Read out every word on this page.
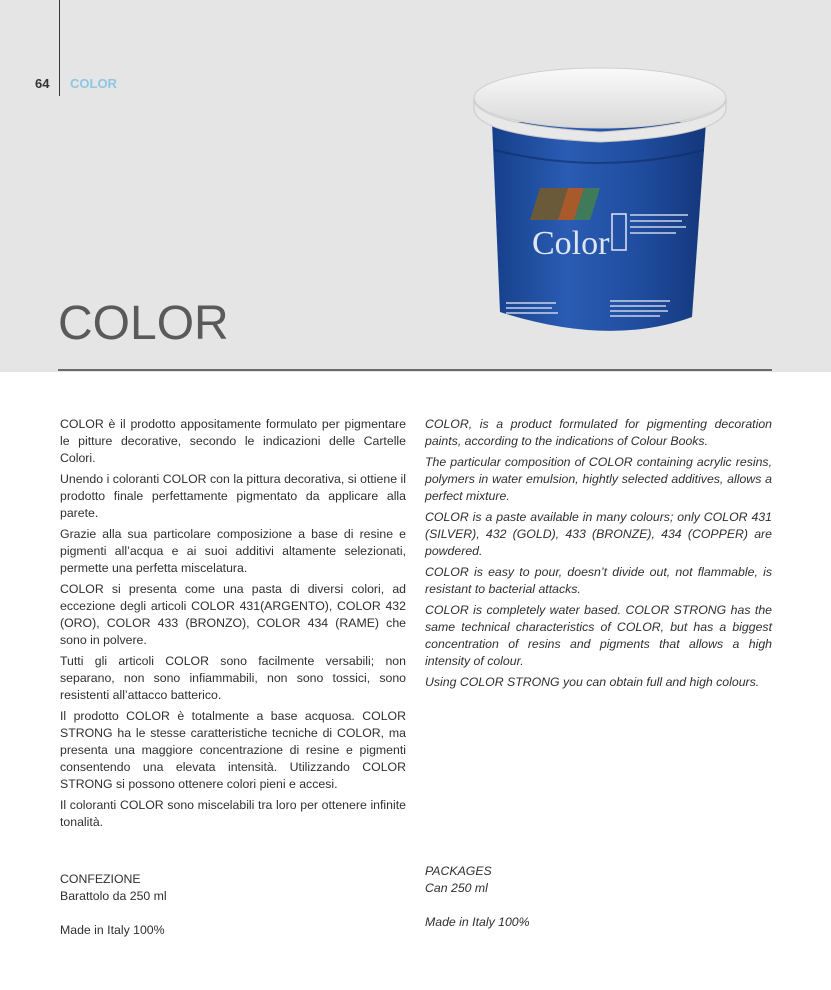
64 COLOR
Color
COLOR

COLOR è il prodotto appositamente formulato per pigmentare le pitture decorative, secondo le indicazioni delle Cartelle Colori.

Unendo i coloranti COLOR con la pittura decorativa, si ottiene il prodotto finale perfettamente pigmentato da applicare alla parete.

Grazie alla sua particolare composizione a base di resine e pigmenti all’acqua e ai suoi additivi altamente selezionati, permette una perfetta miscelatura.

COLOR si presenta come una pasta di diversi colori, ad eccezione degli articoli COLOR 431(ARGENTO), COLOR 432 (ORO), COLOR 433 (BRONZO), COLOR 434 (RAME) che sono in polvere.

Tutti gli articoli COLOR sono facilmente versabili; non separano, non sono infiammabili, non sono tossici, sono resistenti all’attacco batterico.

Il prodotto COLOR è totalmente a base acquosa. COLOR STRONG ha le stesse caratteristiche tecniche di COLOR, ma presenta una maggiore concentrazione di resine e pigmenti consentendo una elevata intensità. Utilizzando COLOR STRONG si possono ottenere colori pieni e accesi.

Il coloranti COLOR sono miscelabili tra loro per ottenere infinite tonalità.

COLOR, is a product formulated for pigmenting decoration paints, according to the indications of Colour Books.

The particular composition of COLOR containing acrylic resins, polymers in water emulsion, hightly selected additives, allows a perfect mixture.

COLOR is a paste available in many colours; only COLOR 431 (SILVER), 432 (GOLD), 433 (BRONZE), 434 (COPPER) are powdered.

COLOR is easy to pour, doesn’t divide out, not flammable, is resistant to bacterial attacks.

COLOR is completely water based. COLOR STRONG has the same technical characteristics of COLOR, but has a biggest concentration of resins and pigments that allows a high intensity of colour.

Using COLOR STRONG you can obtain full and high colours.

CONFEZIONE
Barattolo da 250 ml
Made in Italy 100%
PACKAGES
Can 250 ml
Made in Italy 100%
